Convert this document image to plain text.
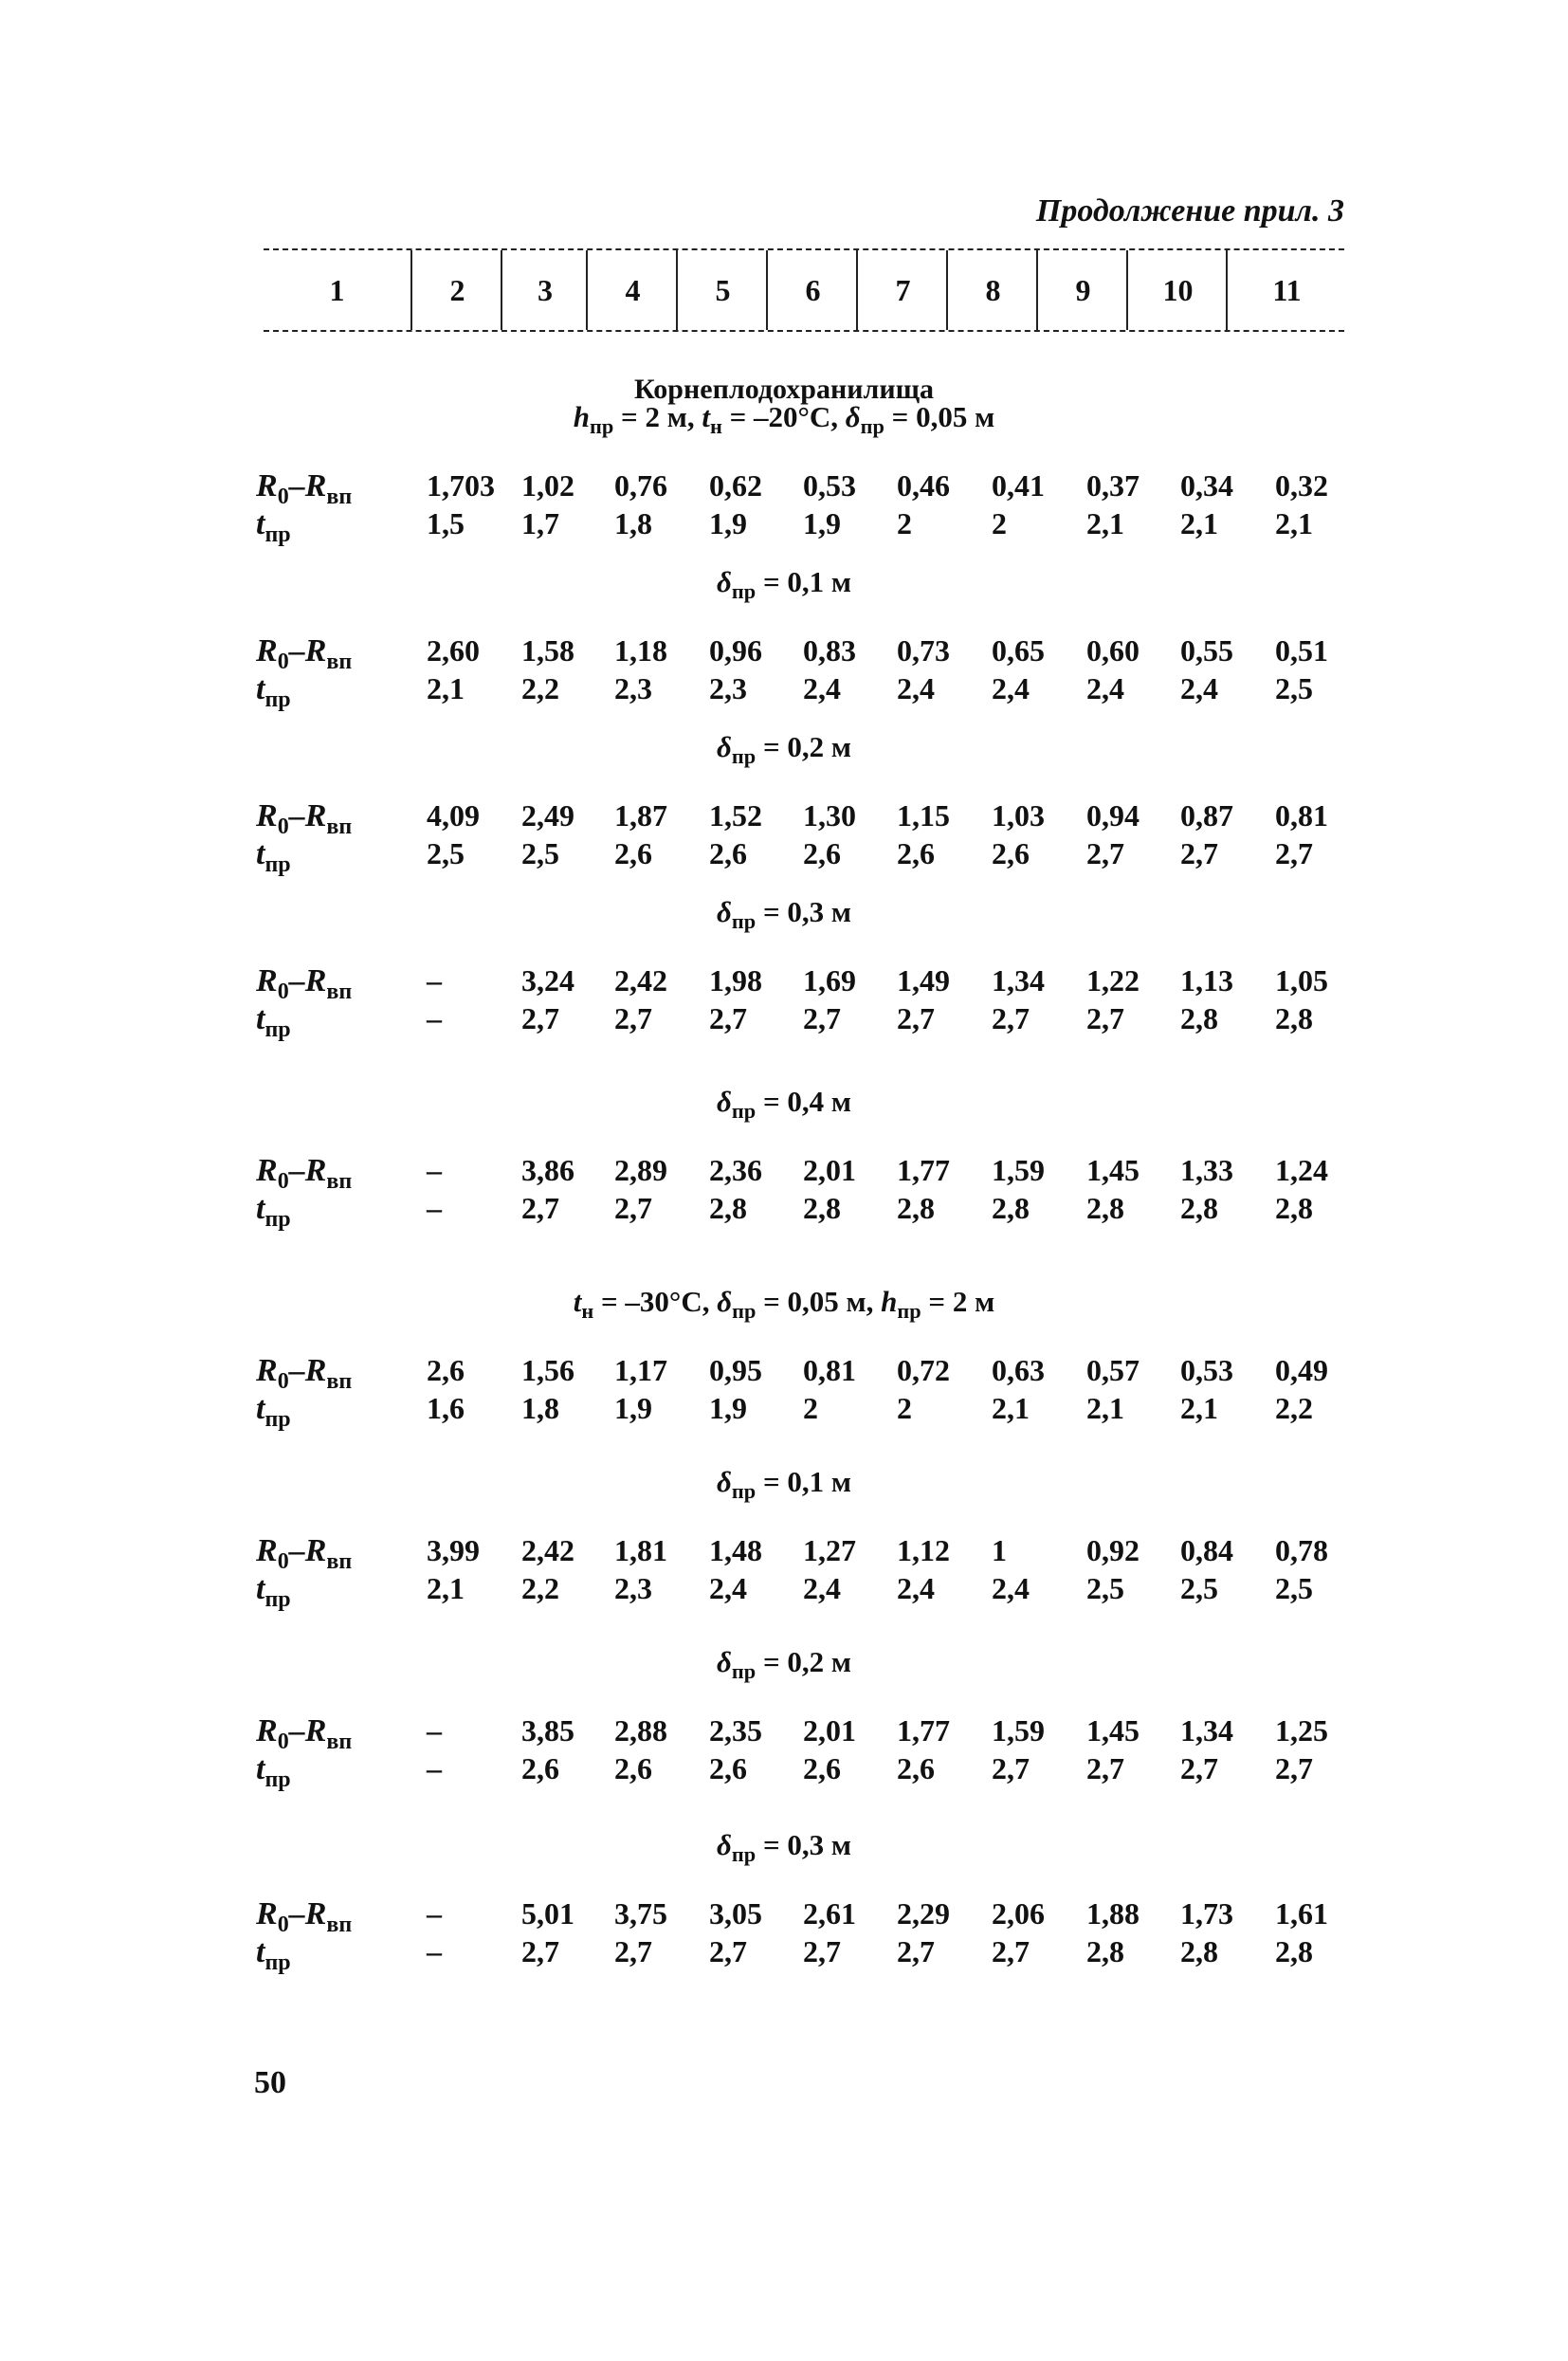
Продолжение прил. 3
1	2	3	4	5	6	7	8	9	10	11
Корнеплодохранилища
$h_{пр} = 2$ м, $t_н = -20^\circ C$, $\delta_{пр} = 0,05$ м
$R_0-R_{вп}$ 1,703 1,02 0,76 0,62 0,53 0,46 0,41 0,37 0,34 0,32
$t_{пр}$	1,5 1,7 1,8 1,9 1,9 2	2	2,1 2,1 2,1
$\delta_{пр} = 0,1$ м
$R_0-R_{вп}$ 2,60 1,58 1,18 0,96 0,83 0,73 0,65 0,60 0,55 0,51
$t_{пр}$	2,1 2,2 2,3 2,3 2,4 2,4 2,4 2,4 2,4 2,5
$\delta_{пр} = 0,2$ м
$R_0-R_{вп}$ 4,09 2,49 1,87 1,52 1,30 1,15 1,03 0,94 0,87 0,81
$t_{пр}$	2,5 2,5 2,6 2,6 2,6 2,6 2,6 2,7 2,7 2,7
$\delta_{пр} = 0,3$ м
$R_0-R_{вп}$ –	3,24 2,42 1,98 1,69 1,49 1,34 1,22 1,13 1,05
$t_{пр}$	–	2,7 2,7 2,7 2,7 2,7 2,7 2,7 2,8 2,8
$\delta_{пр} = 0,4$ м
$R_0-R_{вп}$ –	3,86 2,89 2,36 2,01 1,77 1,59 1,45 1,33 1,24
$t_{пр}$	–	2,7 2,7 2,8 2,8 2,8 2,8 2,8 2,8 2,8
$t_н = -30^\circ C$, $\delta_{пр} = 0,05$ м, $h_{пр} = 2$ м
$R_0-R_{вп}$ 2,6 1,56 1,17 0,95 0,81 0,72 0,63 0,57 0,53 0,49
$t_{пр}$	1,6 1,8 1,9 1,9 2	2	2,1 2,1 2,1 2,2
$\delta_{пр} = 0,1$ м
$R_0-R_{вп}$ 3,99 2,42 1,81 1,48 1,27 1,12 1	0,92 0,84 0,78
$t_{пр}$	2,1 2,2 2,3 2,4 2,4 2,4 2,4 2,5 2,5 2,5
$\delta_{пр} = 0,2$ м
$R_0-R_{вп}$ –	3,85 2,88 2,35 2,01 1,77 1,59 1,45 1,34 1,25
$t_{пр}$	–	2,6 2,6 2,6 2,6 2,6 2,7 2,7 2,7 2,7
$\delta_{пр} = 0,3$ м
$R_0-R_{вп}$ –	5,01 3,75 3,05 2,61 2,29 2,06 1,88 1,73 1,61
$t_{пр}$	–	2,7 2,7 2,7 2,7 2,7 2,7 2,8 2,8 2,8
50
